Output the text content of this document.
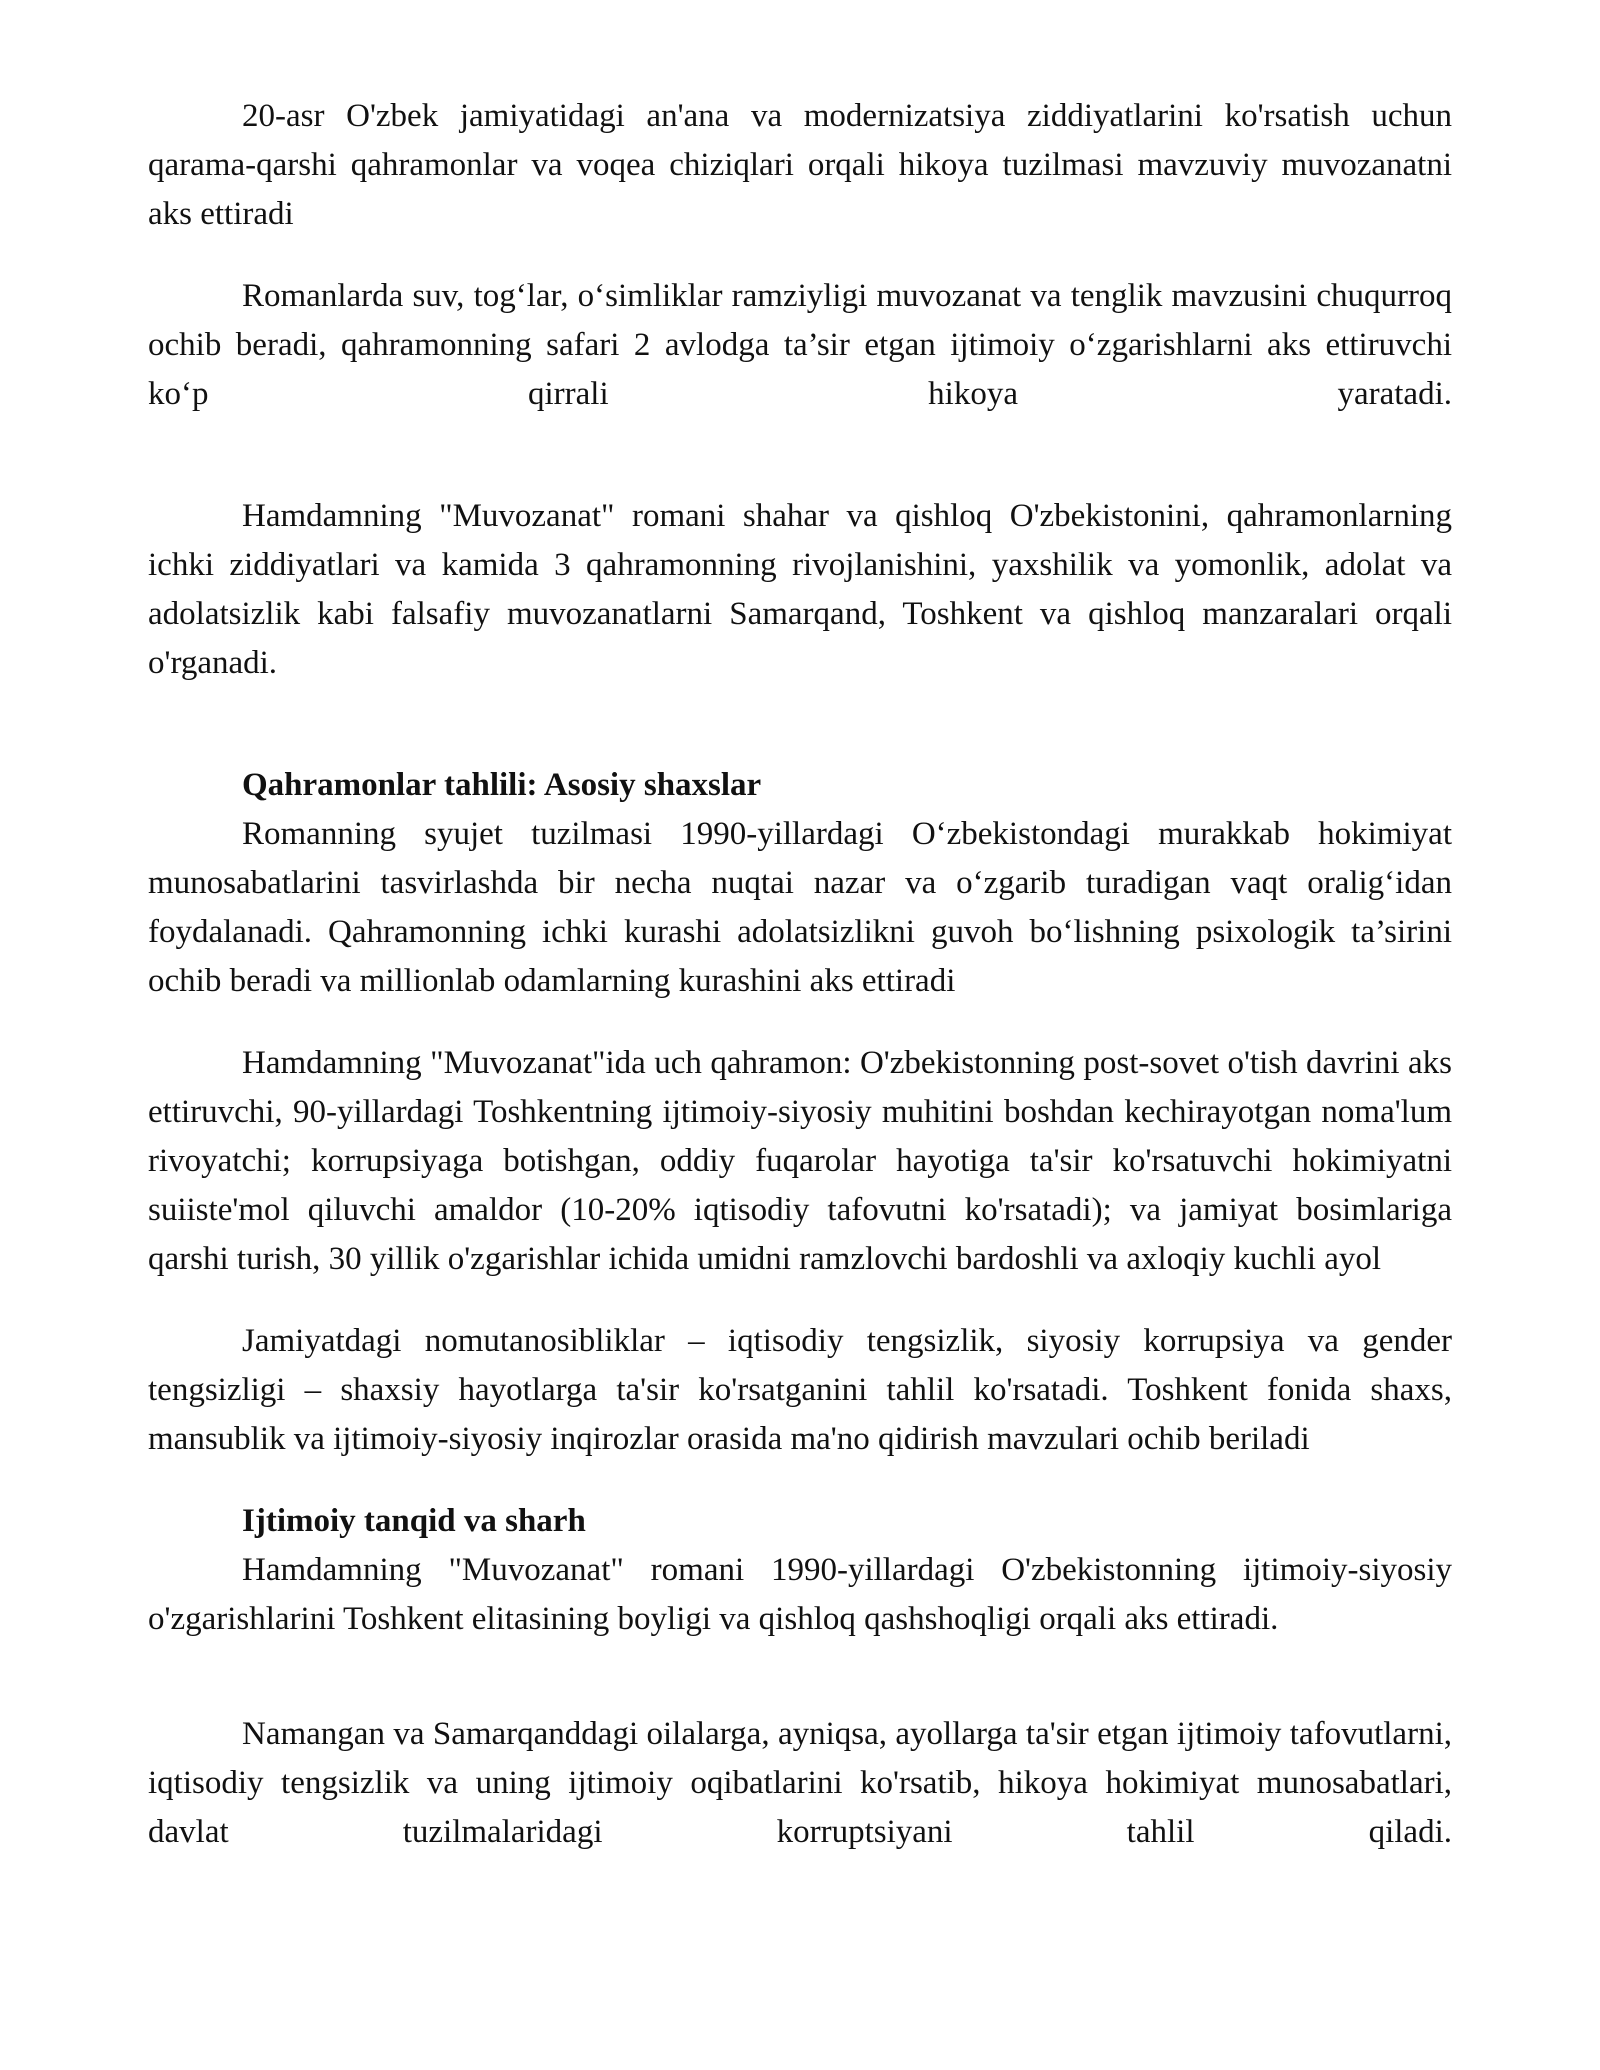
20-asr O'zbek jamiyatidagi an'ana va modernizatsiya ziddiyatlarini ko'rsatish uchun qarama-qarshi qahramonlar va voqea chiziqlari orqali hikoya tuzilmasi mavzuviy muvozanatni aks ettiradi

Romanlarda suv, tog‘lar, o‘simliklar ramziyligi muvozanat va tenglik mavzusini chuqurroq ochib beradi, qahramonning safari 2 avlodga ta’sir etgan ijtimoiy o‘zgarishlarni aks ettiruvchi ko‘p qirrali hikoya yaratadi.

Hamdamning "Muvozanat" romani shahar va qishloq O'zbekistonini, qahramonlarning ichki ziddiyatlari va kamida 3 qahramonning rivojlanishini, yaxshilik va yomonlik, adolat va adolatsizlik kabi falsafiy muvozanatlarni Samarqand, Toshkent va qishloq manzaralari orqali o'rganadi.

Qahramonlar tahlili: Asosiy shaxslar

Romanning syujet tuzilmasi 1990-yillardagi O‘zbekistondagi murakkab hokimiyat munosabatlarini tasvirlashda bir necha nuqtai nazar va o‘zgarib turadigan vaqt oralig‘idan foydalanadi. Qahramonning ichki kurashi adolatsizlikni guvoh bo‘lishning psixologik ta’sirini ochib beradi va millionlab odamlarning kurashini aks ettiradi

Hamdamning "Muvozanat"ida uch qahramon: O'zbekistonning post-sovet o'tish davrini aks ettiruvchi, 90-yillardagi Toshkentning ijtimoiy-siyosiy muhitini boshdan kechirayotgan noma'lum rivoyatchi; korrupsiyaga botishgan, oddiy fuqarolar hayotiga ta'sir ko'rsatuvchi hokimiyatni suiiste'mol qiluvchi amaldor (10-20% iqtisodiy tafovutni ko'rsatadi); va jamiyat bosimlariga qarshi turish, 30 yillik o'zgarishlar ichida umidni ramzlovchi bardoshli va axloqiy kuchli ayol

Jamiyatdagi nomutanosibliklar – iqtisodiy tengsizlik, siyosiy korrupsiya va gender tengsizligi – shaxsiy hayotlarga ta'sir ko'rsatganini tahlil ko'rsatadi. Toshkent fonida shaxs, mansublik va ijtimoiy-siyosiy inqirozlar orasida ma'no qidirish mavzulari ochib beriladi

Ijtimoiy tanqid va sharh

Hamdamning "Muvozanat" romani 1990-yillardagi O'zbekistonning ijtimoiy-siyosiy o'zgarishlarini Toshkent elitasining boyligi va qishloq qashshoqligi orqali aks ettiradi.

Namangan va Samarqanddagi oilalarga, ayniqsa, ayollarga ta'sir etgan ijtimoiy tafovutlarni, iqtisodiy tengsizlik va uning ijtimoiy oqibatlarini ko'rsatib, hikoya hokimiyat munosabatlari, davlat tuzilmalaridagi korruptsiyani tahlil qiladi.
